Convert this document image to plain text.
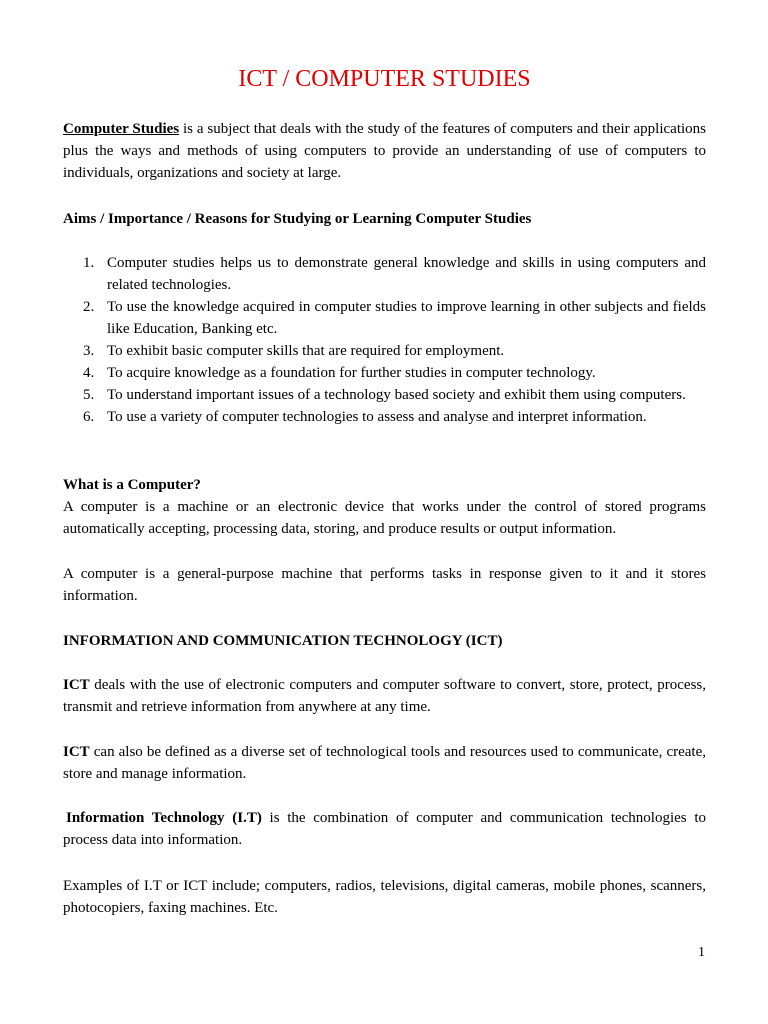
ICT / COMPUTER STUDIES

Computer Studies is a subject that deals with the study of the features of computers and their applications plus the ways and methods of using computers to provide an understanding of use of computers to individuals, organizations and society at large.

Aims / Importance / Reasons for Studying or Learning Computer Studies

1. Computer studies helps us to demonstrate general knowledge and skills in using computers and related technologies.
2. To use the knowledge acquired in computer studies to improve learning in other subjects and fields like Education, Banking etc.
3. To exhibit basic computer skills that are required for employment.
4. To acquire knowledge as a foundation for further studies in computer technology.
5. To understand important issues of a technology based society and exhibit them using computers.
6. To use a variety of computer technologies to assess and analyse and interpret information.

What is a Computer?

A computer is a machine or an electronic device that works under the control of stored programs automatically accepting, processing data, storing, and produce results or output information.

A computer is a general-purpose machine that performs tasks in response given to it and it stores information.

INFORMATION AND COMMUNICATION TECHNOLOGY (ICT)

ICT deals with the use of electronic computers and computer software to convert, store, protect, process, transmit and retrieve information from anywhere at any time.

ICT can also be defined as a diverse set of technological tools and resources used to communicate, create, store and manage information.

Information Technology (I.T) is the combination of computer and communication technologies to process data into information.

Examples of I.T or ICT include; computers, radios, televisions, digital cameras, mobile phones, scanners, photocopiers, faxing machines. Etc.

1
